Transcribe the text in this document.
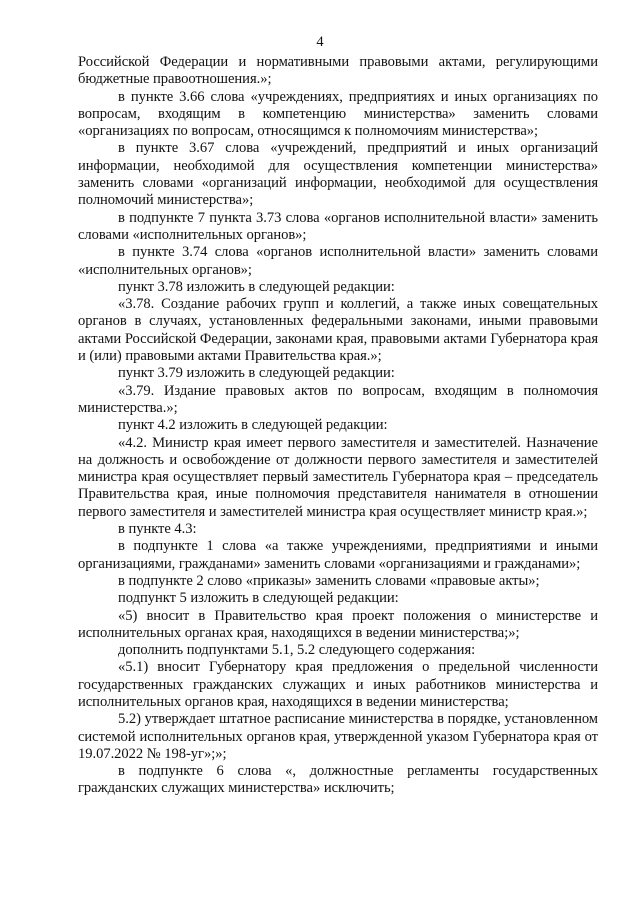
4

Российской Федерации и нормативными правовыми актами, регулирующими бюджетные правоотношения.»;

в пункте 3.66 слова «учреждениях, предприятиях и иных организациях по вопросам, входящим в компетенцию министерства» заменить словами «организациях по вопросам, относящимся к полномочиям министерства»;

в пункте 3.67 слова «учреждений, предприятий и иных организаций информации, необходимой для осуществления компетенции министерства» заменить словами «организаций информации, необходимой для осуществления полномочий министерства»;

в подпункте 7 пункта 3.73 слова «органов исполнительной власти» заменить словами «исполнительных органов»;

в пункте 3.74 слова «органов исполнительной власти» заменить словами «исполнительных органов»;

пункт 3.78 изложить в следующей редакции:

«3.78. Создание рабочих групп и коллегий, а также иных совещательных органов в случаях, установленных федеральными законами, иными правовыми актами Российской Федерации, законами края, правовыми актами Губернатора края и (или) правовыми актами Правительства края.»;

пункт 3.79 изложить в следующей редакции:

«3.79. Издание правовых актов по вопросам, входящим в полномочия министерства.»;

пункт 4.2 изложить в следующей редакции:

«4.2. Министр края имеет первого заместителя и заместителей. Назначение на должность и освобождение от должности первого заместителя и заместителей министра края осуществляет первый заместитель Губернатора края – председатель Правительства края, иные полномочия представителя нанимателя в отношении первого заместителя и заместителей министра края осуществляет министр края.»;

в пункте 4.3:

в подпункте 1 слова «а также учреждениями, предприятиями и иными организациями, гражданами» заменить словами «организациями и гражданами»;

в подпункте 2 слово «приказы» заменить словами «правовые акты»;

подпункт 5 изложить в следующей редакции:

«5) вносит в Правительство края проект положения о министерстве и исполнительных органах края, находящихся в ведении министерства;»;

дополнить подпунктами 5.1, 5.2 следующего содержания:

«5.1) вносит Губернатору края предложения о предельной численности государственных гражданских служащих и иных работников министерства и исполнительных органов края, находящихся в ведении министерства;

5.2) утверждает штатное расписание министерства в порядке, установленном системой исполнительных органов края, утвержденной указом Губернатора края от 19.07.2022 № 198-уг»;»;

в подпункте 6 слова «, должностные регламенты государственных гражданских служащих министерства» исключить;
